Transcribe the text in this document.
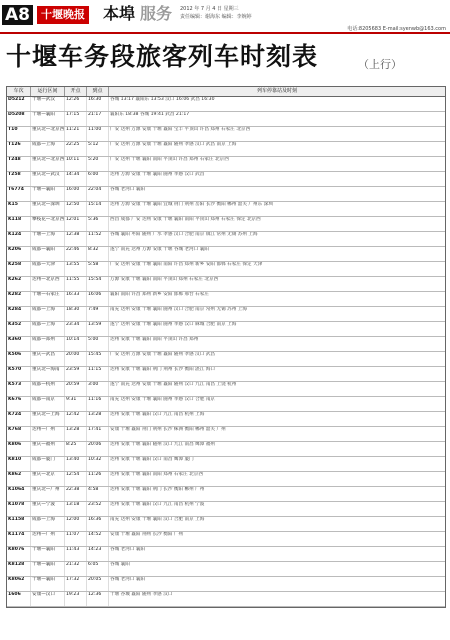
A8	十堰晚报 本埠 服务 2012 年 7 月 4 日 星期三
责任编辑：谢海东 编辑：李婉婷
电话:8205683 E-mail:syenwb@163.com
十堰车务段旅客列车时刻表	（上行）
车次	运行区间	开点	到点	列车停靠站及时刻
D5212	十堰—武汉	12:26	16:30	谷城 13:17 襄阳东 13:53 汉口 16:06 武昌 16:30
D5208	十堰—襄阳	17:15	21:17	襄阳东 18:38 谷城 19:41 武昌 21:17
T10	重庆北—北京西 11:21	11:00	广安 达州 万源 安康 十堰 襄阳 宝丰 平顶山 许昌 郑州 石家庄 北京西
T126	成都—上海	22:25	5:12	广安 达州 万源 安康 十堰 襄阳 随州 孝感 汉口 武昌 南京 上海
T248	重庆北—北京西 10:11	5:20	广安 达州 十堰 襄阳 南阳 平顶山 许昌 郑州 石家庄 北京西
T258	重庆北—武汉	14:34	6:00	达州 万源 安康 十堰 襄阳 随州 孝感 汉口 武昌
T6774	十堰—襄阳	16:00	22:04	谷城 老河口 襄阳
K15	重庆北—深圳	12:50	15:14	达州 万源 安康 十堰 襄阳 宜城 荆门 荆州 岳阳 长沙 衡阳 郴州 韶关 广州东 深圳
K118	攀枝花—北京西 12:01	5:36	西昌 成都 广安 达州 安康 十堰 襄阳 南阳 平顶山 郑州 石家庄 保定 北京西
K124	十堰—上海	12:38	11:52	谷城 襄阳 枣阳 随州 广水 孝感 汉口 合肥 南京 镇江 常州 无锡 苏州 上海
K206	成都—襄阳	22:46	8:32	遂宁 南充 达州 万源 安康 十堰 谷城 老河口 襄阳
K258	成都—天津	13:55	5:58	广安 达州 安康 十堰 襄阳 南阳 许昌 郑州 新乡 安阳 邯郸 石家庄 保定 天津
K262	达州—北京西	11:55	15:54	万源 安康 十堰 襄阳 南阳 平顶山 郑州 石家庄 北京西
K282	十堰—石家庄	16:33	16:06	襄阳 南阳 许昌 郑州 新乡 安阳 邯郸 邢台 石家庄
K284	成都—上海	18:30	7:49	南充 达州 安康 十堰 襄阳 随州 汉口 合肥 南京 常州 无锡 苏州 上海
K352	成都—上海	23:34	13:59	遂宁 达州 安康 十堰 襄阳 随州 孝感 汉口 麻城 合肥 南京 上海
K360	成都—郑州	10:14	5:00	达州 安康 十堰 襄阳 南阳 平顶山 许昌 郑州
K506	重庆—武昌	20:00	15:45	广安 达州 万源 安康 十堰 襄阳 随州 孝感 汉口 武昌
K570	重庆北—海南	23:59	11:15	达州 安康 十堰 襄阳 荆门 荆州 长沙 衡阳 湛江 海口
K573	成都—杭州	20:59	3:00	遂宁 南充 达州 安康 十堰 襄阳 随州 汉口 九江 南昌 上饶 杭州
K676	成都—南京	9:31	11:16	南充 达州 安康 十堰 襄阳 随州 孝感 汉口 合肥 南京
K724	重庆北—上海	12:42	13:28	达州 安康 十堰 襄阳 汉口 九江 南昌 杭州 上海
K768	达州—广州	13:28	17:41	安康 十堰 襄阳 荆门 荆州 长沙 株洲 衡阳 郴州 韶关 广州
K806	重庆—福州	8:25	20:06	达州 安康 十堰 襄阳 随州 汉口 九江 南昌 鹰潭 福州
K810	成都—厦门	13:40	10:32	达州 安康 十堰 襄阳 汉口 南昌 鹰潭 厦门
K862	重庆—北京	12:54	11:26	达州 安康 十堰 襄阳 南阳 郑州 石家庄 北京西
K1064	重庆北—广州	22:38	4:58	达州 安康 十堰 襄阳 荆门 长沙 衡阳 郴州 广州
K1078	重庆—宁波	13:18	23:52	达州 安康 十堰 襄阳 汉口 九江 南昌 杭州 宁波
K1158	成都—上海	12:00	16:36	南充 达州 安康 十堰 襄阳 汉口 合肥 南京 上海
K1174	达州—广州	11:07	14:52	安康 十堰 襄阳 荆州 长沙 衡阳 广州
K8076	十堰—襄阳	11:43	14:23	谷城 老河口 襄阳
K8128	十堰—襄阳	21:32	6:05	谷城 襄阳
K8062	十堰—襄阳	17:32	20:05	谷城 老河口 襄阳
1606	安康—汉口	19:23	12:36	十堰 谷城 襄阳 随州 孝感 汉口
